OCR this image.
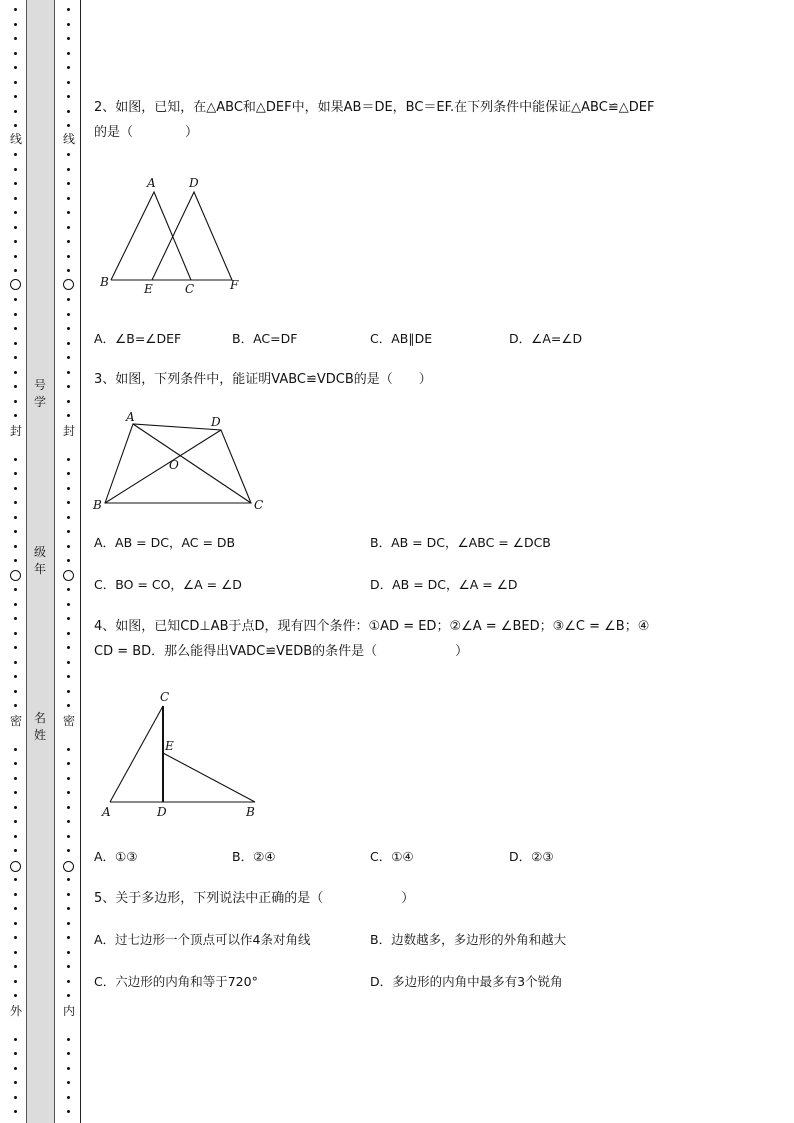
线
封
密
外
线
封
密
内
号学
级年
名姓
2、如图，已知，在△ABC和△DEF中，如果AB＝DE，BC＝EF.在下列条件中能保证△ABC≌△DEF
的是（　　　　）
A	D
B	E	C	F
A．∠B=∠DEF	B．AC=DF	C．AB∥DE	D．∠A=∠D
3、如图，下列条件中，能证明VABC≌VDCB的是（　　）
A	D
O
B	C
A．AB = DC，AC = DB	B．AB = DC，∠ABC = ∠DCB
C．BO = CO，∠A = ∠D	D．AB = DC，∠A = ∠D
4、如图，已知CD⊥AB于点D，现有四个条件：①AD = ED；②∠A = ∠BED；③∠C = ∠B；④
CD = BD．那么能得出VADC≌VEDB的条件是（　　　　　　）
C
E
A	D	B
A．①③	B．②④	C．①④	D．②③
5、关于多边形，下列说法中正确的是（　　　　　　）
A．过七边形一个顶点可以作4条对角线	B．边数越多，多边形的外角和越大
C．六边形的内角和等于720°	D．多边形的内角中最多有3个锐角
